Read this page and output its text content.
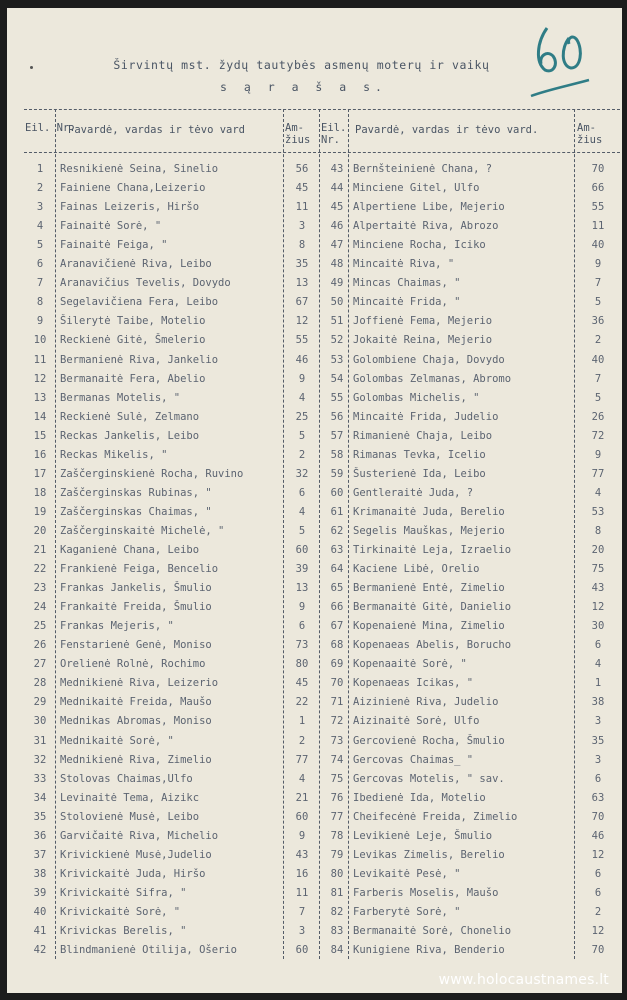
Širvintų mst. žydų tautybės asmenų moterų ir vaikų
s ą r a š a s.
Eil. Nr.
Pavardė, vardas ir tėvo vard	Am- žius
Eil. Nr.
Pavardė, vardas ir tėvo vard.	Am- žius
1	Resnikienė Seina, Sinelio	56	43 Bernšteinienė Chana, ?	70
2	Fainiene Chana,Leizerio	45	44 Minciene Gitel, Ulfo	66
3	Fainas Leizeris, Hiršo	11	45 Alpertiene Libe, Mejerio	55
4	Fainaitė Sorė, "	3	46 Alpertaitė Riva, Abrozo	11
5	Fainaitė Feiga, "	8	47 Minciene Rocha, Iciko	40
6	Aranavičienė Riva, Leibo	35	48 Mincaitė Riva, "	9
7	Aranavičius Tevelis, Dovydo	13	49 Mincas Chaimas, "	7
8	Segelavičiena Fera, Leibo	67	50 Mincaitė Frida, "	5
9	Šilerytė Taibe, Motelio	12	51 Joffienė Fema, Mejerio	36
10	Reckienė Gitė, Šmelerio	55	52 Jokaitė Reina, Mejerio	2
11	Bermanienė Riva, Jankelio	46	53 Golombiene Chaja, Dovydo	40
12	Bermanaitė Fera, Abelio	9	54 Golombas Zelmanas, Abromo	7
13	Bermanas Motelis, "	4	55 Golombas Michelis, "	5
14	Reckienė Sulė, Zelmano	25	56 Mincaitė Frida, Judelio	26
15	Reckas Jankelis, Leibo	5	57 Rimanienė Chaja, Leibo	72
16	Reckas Mikelis, "	2	58 Rimanas Tevka, Icelio	9
17	Zaščerginskienė Rocha, Ruvino	32	59 Šusterienė Ida, Leibo	77
18	Zaščerginskas Rubinas, "	6	60 Gentleraitė Juda, ?	4
19	Zaščerginskas Chaimas, "	4	61 Krimanaitė Juda, Berelio	53
20	Zaščerginskaitė Michelė, "	5	62 Segelis Mauškas, Mejerio	8
21	Kaganienė Chana, Leibo	60	63 Tirkinaitė Leja, Izraelio	20
22	Frankienė Feiga, Bencelio	39	64 Kaciene Libė, Orelio	75
23	Frankas Jankelis, Šmulio	13	65 Bermanienė Entė, Zimelio	43
24	Frankaitė Freida, Šmulio	9	66 Bermanaitė Gitė, Danielio	12
25	Frankas Mejeris, "	6	67 Kopenaienė Mina, Zimelio	30
26	Fenstarienė Genė, Moniso	73	68 Kopenaeas Abelis, Borucho	6
27	Orelienė Rolnė, Rochimo	80	69 Kopenaaitė Sorė, "	4
28	Mednikienė Riva, Leizerio	45	70 Kopenaeas Icikas, "	1
29	Mednikaitė Freida, Maušo	22	71 Aizinienė Riva, Judelio	38
30	Mednikas Abromas, Moniso	1	72 Aizinaitė Sorė, Ulfo	3
31	Mednikaitė Sorė, "	2	73 Gercovienė Rocha, Šmulio	35
32	Mednikienė Riva, Zimelio	77	74 Gercovas Chaimas_ "	3
33	Stolovas Chaimas,Ulfo	4	75 Gercovas Motelis, " sav.	6
34	Levinaitė Tema, Aizikc	21	76 Ibedienė Ida, Motelio	63
35	Stolovienė Musė, Leibo	60	77 Cheifecėnė Freida, Zimelio	70
36	Garvičaitė Riva, Michelio	9	78 Levikienė Leje, Šmulio	46
37	Krivickienė Musė,Judelio	43	79 Levikas Zimelis, Berelio	12
38	Krivickaitė Juda, Hiršo	16	80 Levikaitė Pesė, "	6
39	Krivickaitė Sifra, "	11	81 Farberis Moselis, Maušo	6
40	Krivickaitė Sorė, "	7	82 Farberytė Sorė, "	2
41	Krivickas Berelis, "	3	83 Bermanaitė Sorė, Chonelio	12
42	Blindmanienė Otilija, Ošerio	60	84 Kunigiene Riva, Benderio	70
www.holocaustnames.lt
